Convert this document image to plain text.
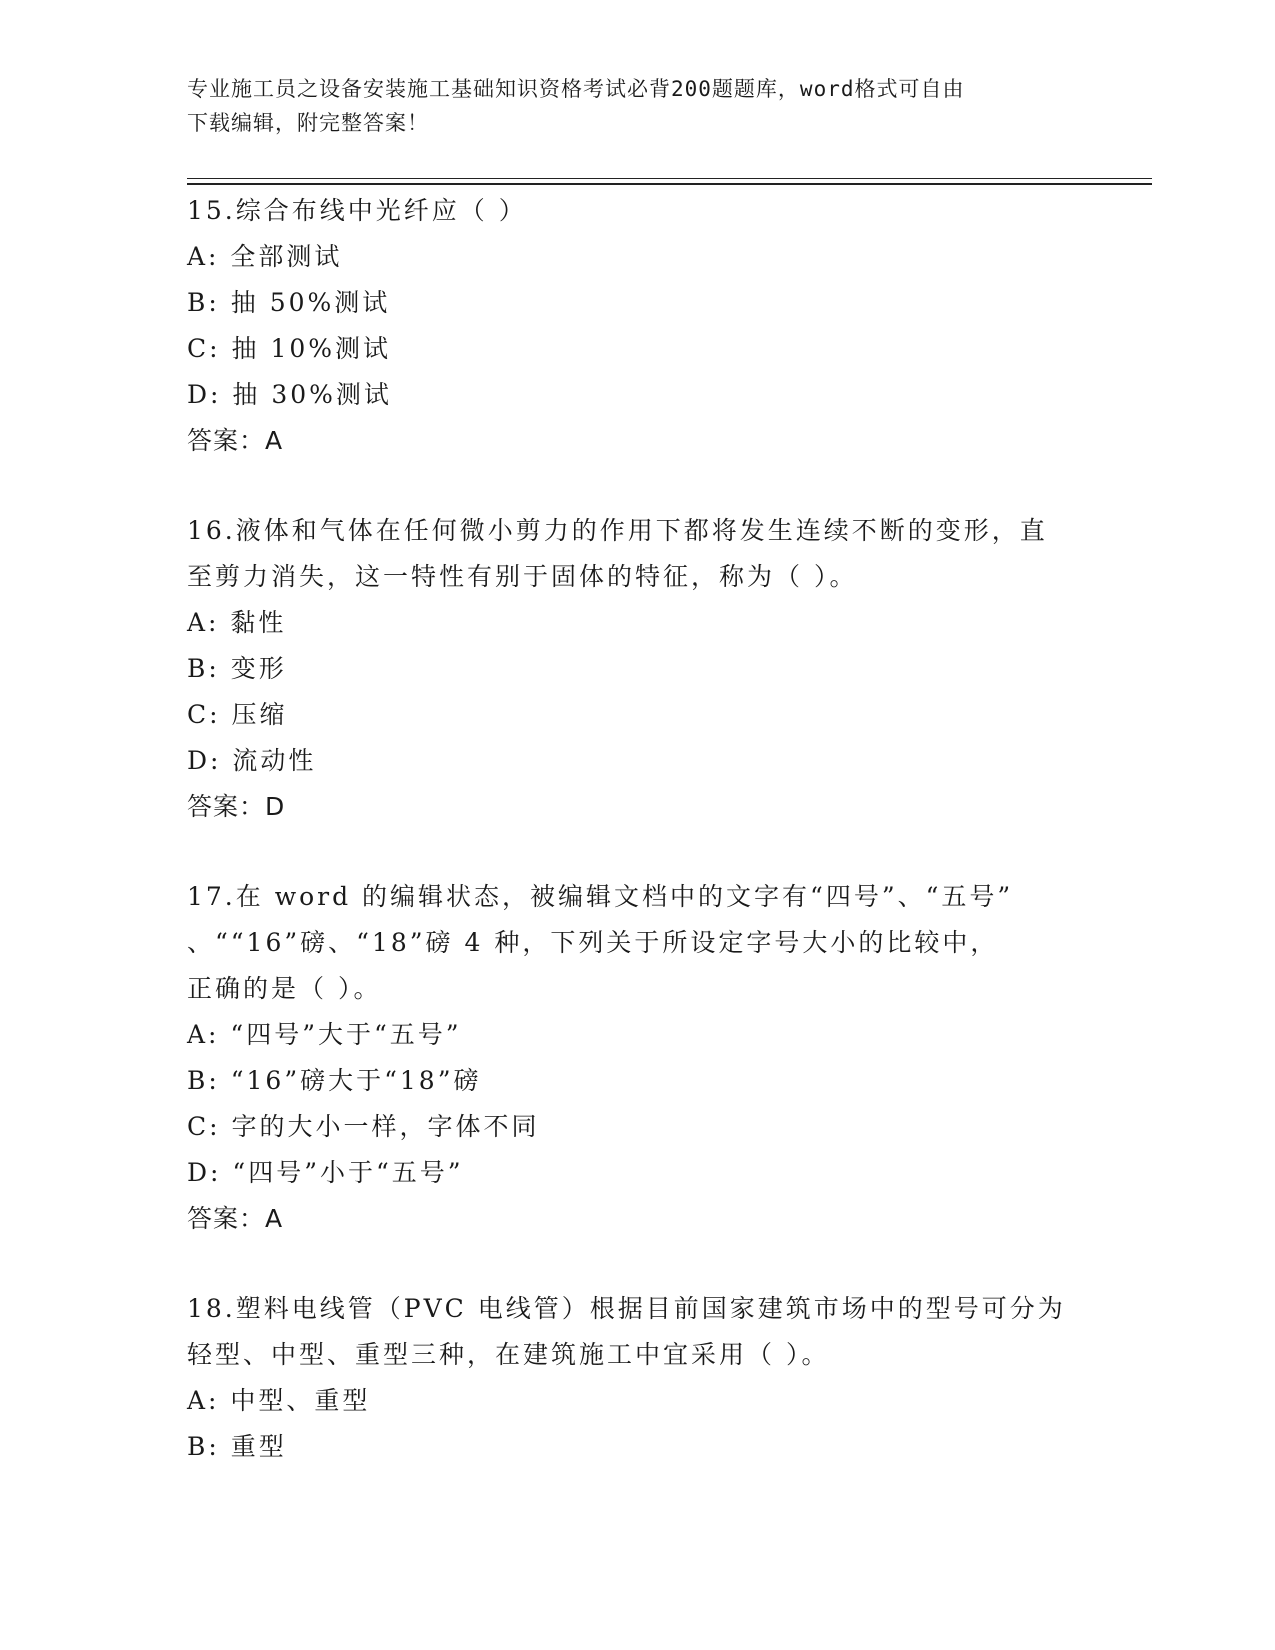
专业施工员之设备安装施工基础知识资格考试必背200题题库，word格式可自由
下载编辑，附完整答案！
15.综合布线中光纤应（ ）
A: 全部测试
B: 抽 50%测试
C: 抽 10%测试
D: 抽 30%测试
答案：A
16.液体和气体在任何微小剪力的作用下都将发生连续不断的变形，直
至剪力消失，这一特性有别于固体的特征，称为（ ）。
A: 黏性
B: 变形
C: 压缩
D: 流动性
答案：D
17.在 word 的编辑状态，被编辑文档中的文字有“四号”、“五号”
、““16”磅、“18”磅 4 种，下列关于所设定字号大小的比较中，
正确的是（ ）。
A: “四号”大于“五号”
B: “16”磅大于“18”磅
C: 字的大小一样，字体不同
D: “四号”小于“五号”
答案：A
18.塑料电线管（PVC 电线管）根据目前国家建筑市场中的型号可分为
轻型、中型、重型三种，在建筑施工中宜采用（ ）。
A: 中型、重型
B: 重型
